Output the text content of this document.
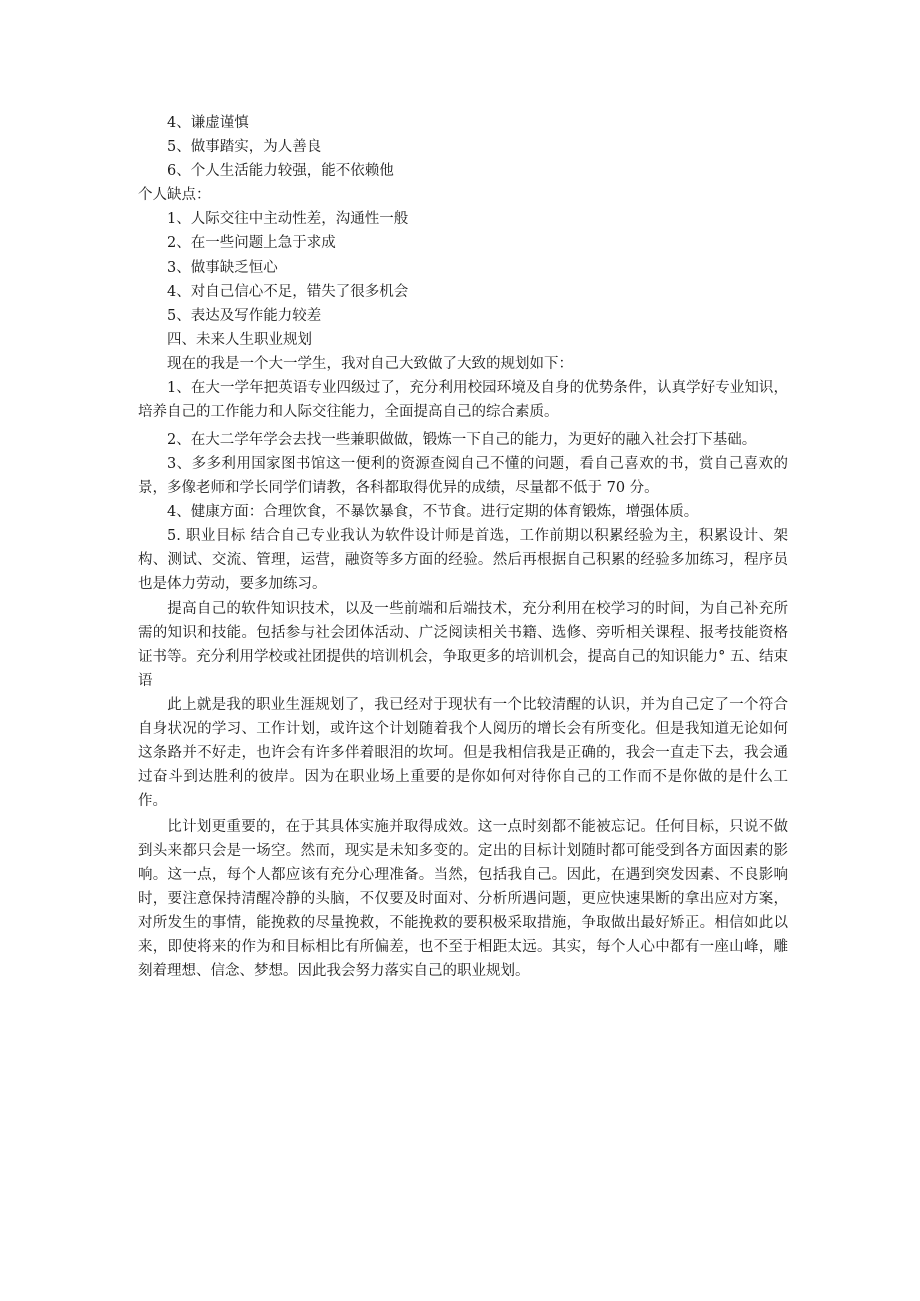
4、谦虚谨慎
5、做事踏实，为人善良
6、个人生活能力较强，能不依赖他
个人缺点：
1、人际交往中主动性差，沟通性一般
2、在一些问题上急于求成
3、做事缺乏恒心
4、对自己信心不足，错失了很多机会
5、表达及写作能力较差
四、未来人生职业规划
现在的我是一个大一学生，我对自己大致做了大致的规划如下：
1、在大一学年把英语专业四级过了，充分利用校园环境及自身的优势条件，认真学好专业知识，培养自己的工作能力和人际交往能力，全面提高自己的综合素质。
2、在大二学年学会去找一些兼职做做，锻炼一下自己的能力，为更好的融入社会打下基础。
3、多多利用国家图书馆这一便利的资源查阅自己不懂的问题，看自己喜欢的书，赏自己喜欢的景，多像老师和学长同学们请教，各科都取得优异的成绩，尽量都不低于 70 分。
4、健康方面：合理饮食，不暴饮暴食，不节食。进行定期的体育锻炼，增强体质。
5. 职业目标 结合自己专业我认为软件设计师是首选，工作前期以积累经验为主，积累设计、架构、测试、交流、管理，运营，融资等多方面的经验。然后再根据自己积累的经验多加练习，程序员也是体力劳动，要多加练习。
提高自己的软件知识技术，以及一些前端和后端技术，充分利用在校学习的时间，为自己补充所需的知识和技能。包括参与社会团体活动、广泛阅读相关书籍、选修、旁听相关课程、报考技能资格证书等。充分利用学校或社团提供的培训机会，争取更多的培训机会，提高自己的知识能力° 五、结束语
此上就是我的职业生涯规划了，我已经对于现状有一个比较清醒的认识，并为自己定了一个符合自身状况的学习、工作计划，或许这个计划随着我个人阅历的增长会有所变化。但是我知道无论如何这条路并不好走，也许会有许多伴着眼泪的坎坷。但是我相信我是正确的，我会一直走下去，我会通过奋斗到达胜利的彼岸。因为在职业场上重要的是你如何对待你自己的工作而不是你做的是什么工作。
比计划更重要的，在于其具体实施并取得成效。这一点时刻都不能被忘记。任何目标，只说不做到头来都只会是一场空。然而，现实是未知多变的。定出的目标计划随时都可能受到各方面因素的影响。这一点，每个人都应该有充分心理准备。当然，包括我自己。因此，在遇到突发因素、不良影响时，要注意保持清醒冷静的头脑，不仅要及时面对、分析所遇问题，更应快速果断的拿出应对方案，对所发生的事情，能挽救的尽量挽救，不能挽救的要积极采取措施，争取做出最好矫正。相信如此以来，即使将来的作为和目标相比有所偏差，也不至于相距太远。其实，每个人心中都有一座山峰，雕刻着理想、信念、梦想。因此我会努力落实自己的职业规划。
